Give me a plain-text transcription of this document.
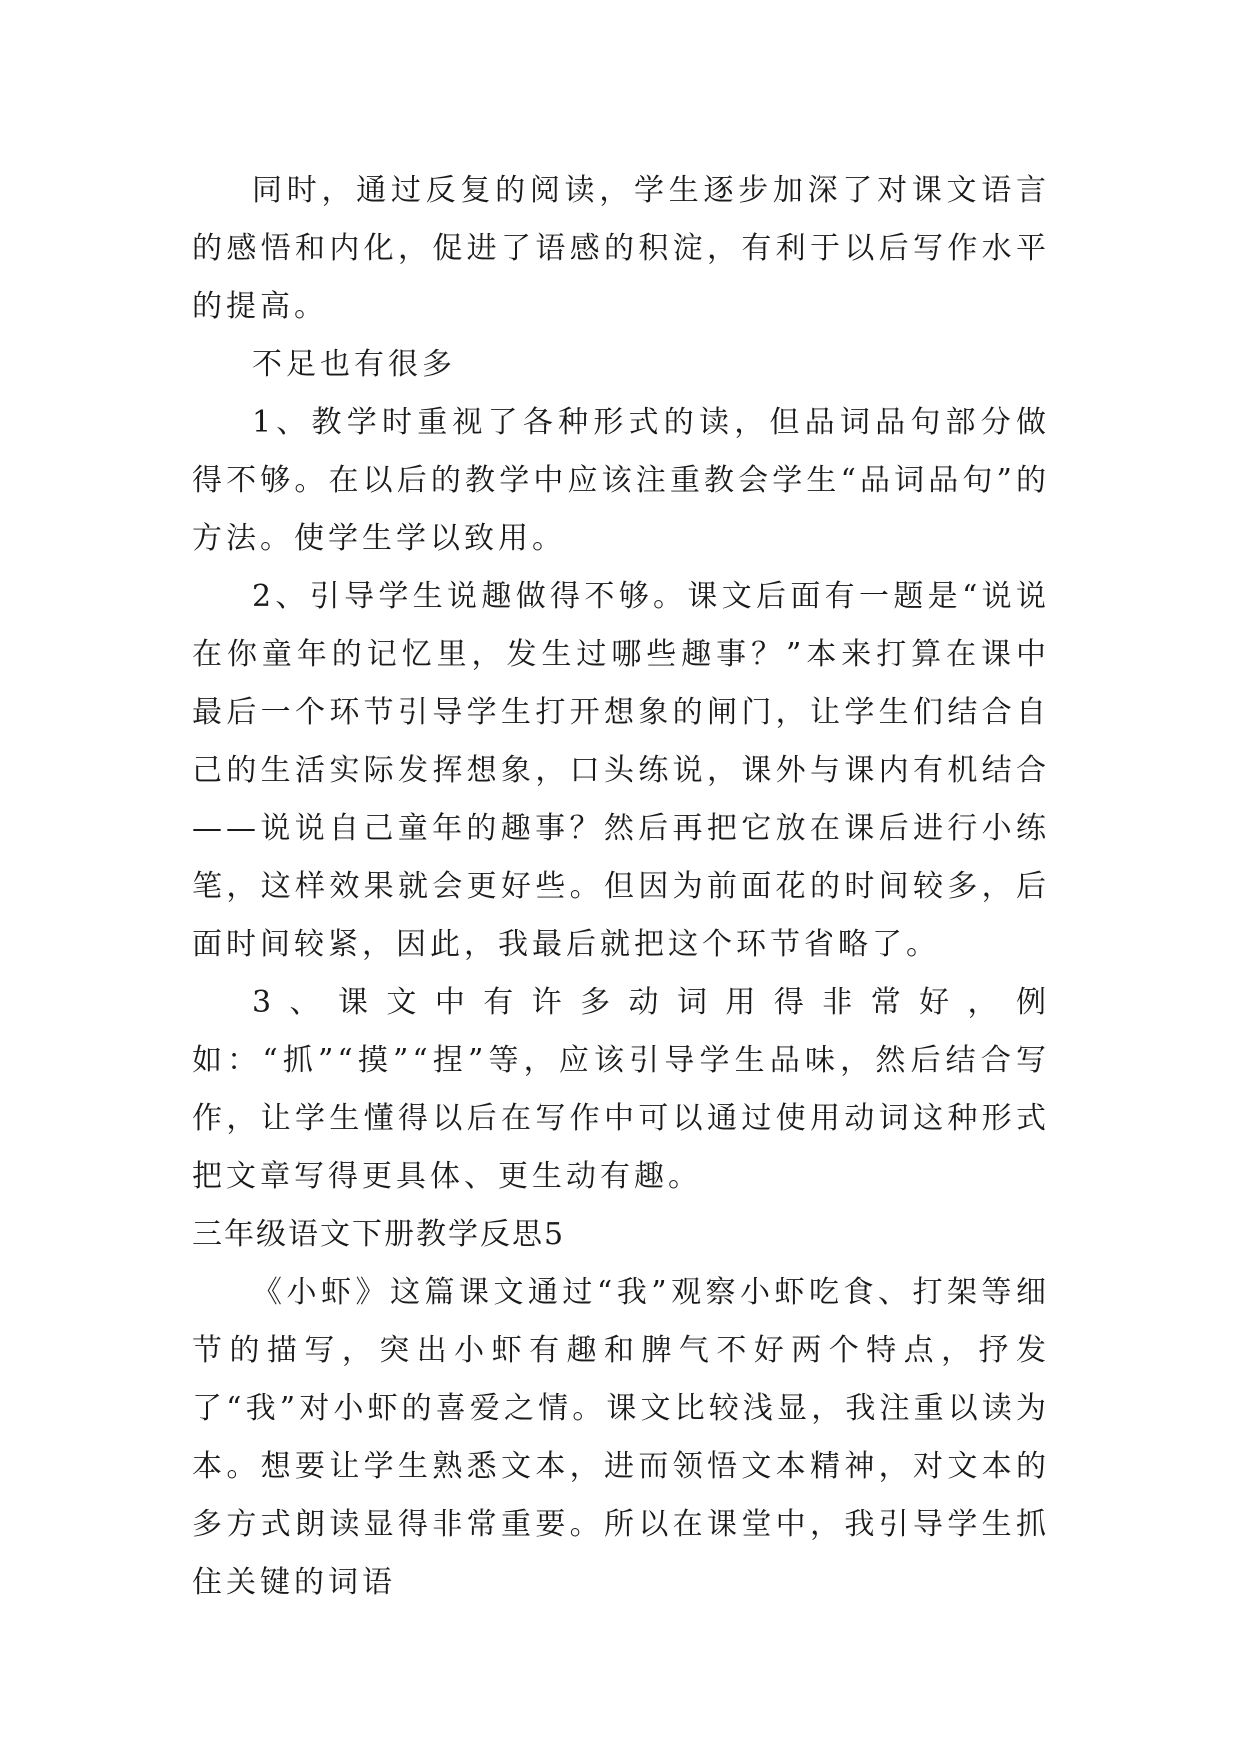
同时，通过反复的阅读，学生逐步加深了对课文语言的感悟和内化，促进了语感的积淀，有利于以后写作水平的提高。

不足也有很多

1、教学时重视了各种形式的读，但品词品句部分做得不够。在以后的教学中应该注重教会学生“品词品句”的方法。使学生学以致用。

2、引导学生说趣做得不够。课文后面有一题是“说说在你童年的记忆里，发生过哪些趣事？”本来打算在课中最后一个环节引导学生打开想象的闸门，让学生们结合自己的生活实际发挥想象，口头练说，课外与课内有机结合——说说自己童年的趣事？然后再把它放在课后进行小练笔，这样效果就会更好些。但因为前面花的时间较多，后面时间较紧，因此，我最后就把这个环节省略了。

3、课文中有许多动词用得非常好，例如：“抓”“摸”“捏”等，应该引导学生品味，然后结合写作，让学生懂得以后在写作中可以通过使用动词这种形式把文章写得更具体、更生动有趣。

三年级语文下册教学反思5

《小虾》这篇课文通过“我”观察小虾吃食、打架等细节的描写，突出小虾有趣和脾气不好两个特点，抒发了“我”对小虾的喜爱之情。课文比较浅显，我注重以读为本。想要让学生熟悉文本，进而领悟文本精神，对文本的多方式朗读显得非常重要。所以在课堂中，我引导学生抓住关键的词语
